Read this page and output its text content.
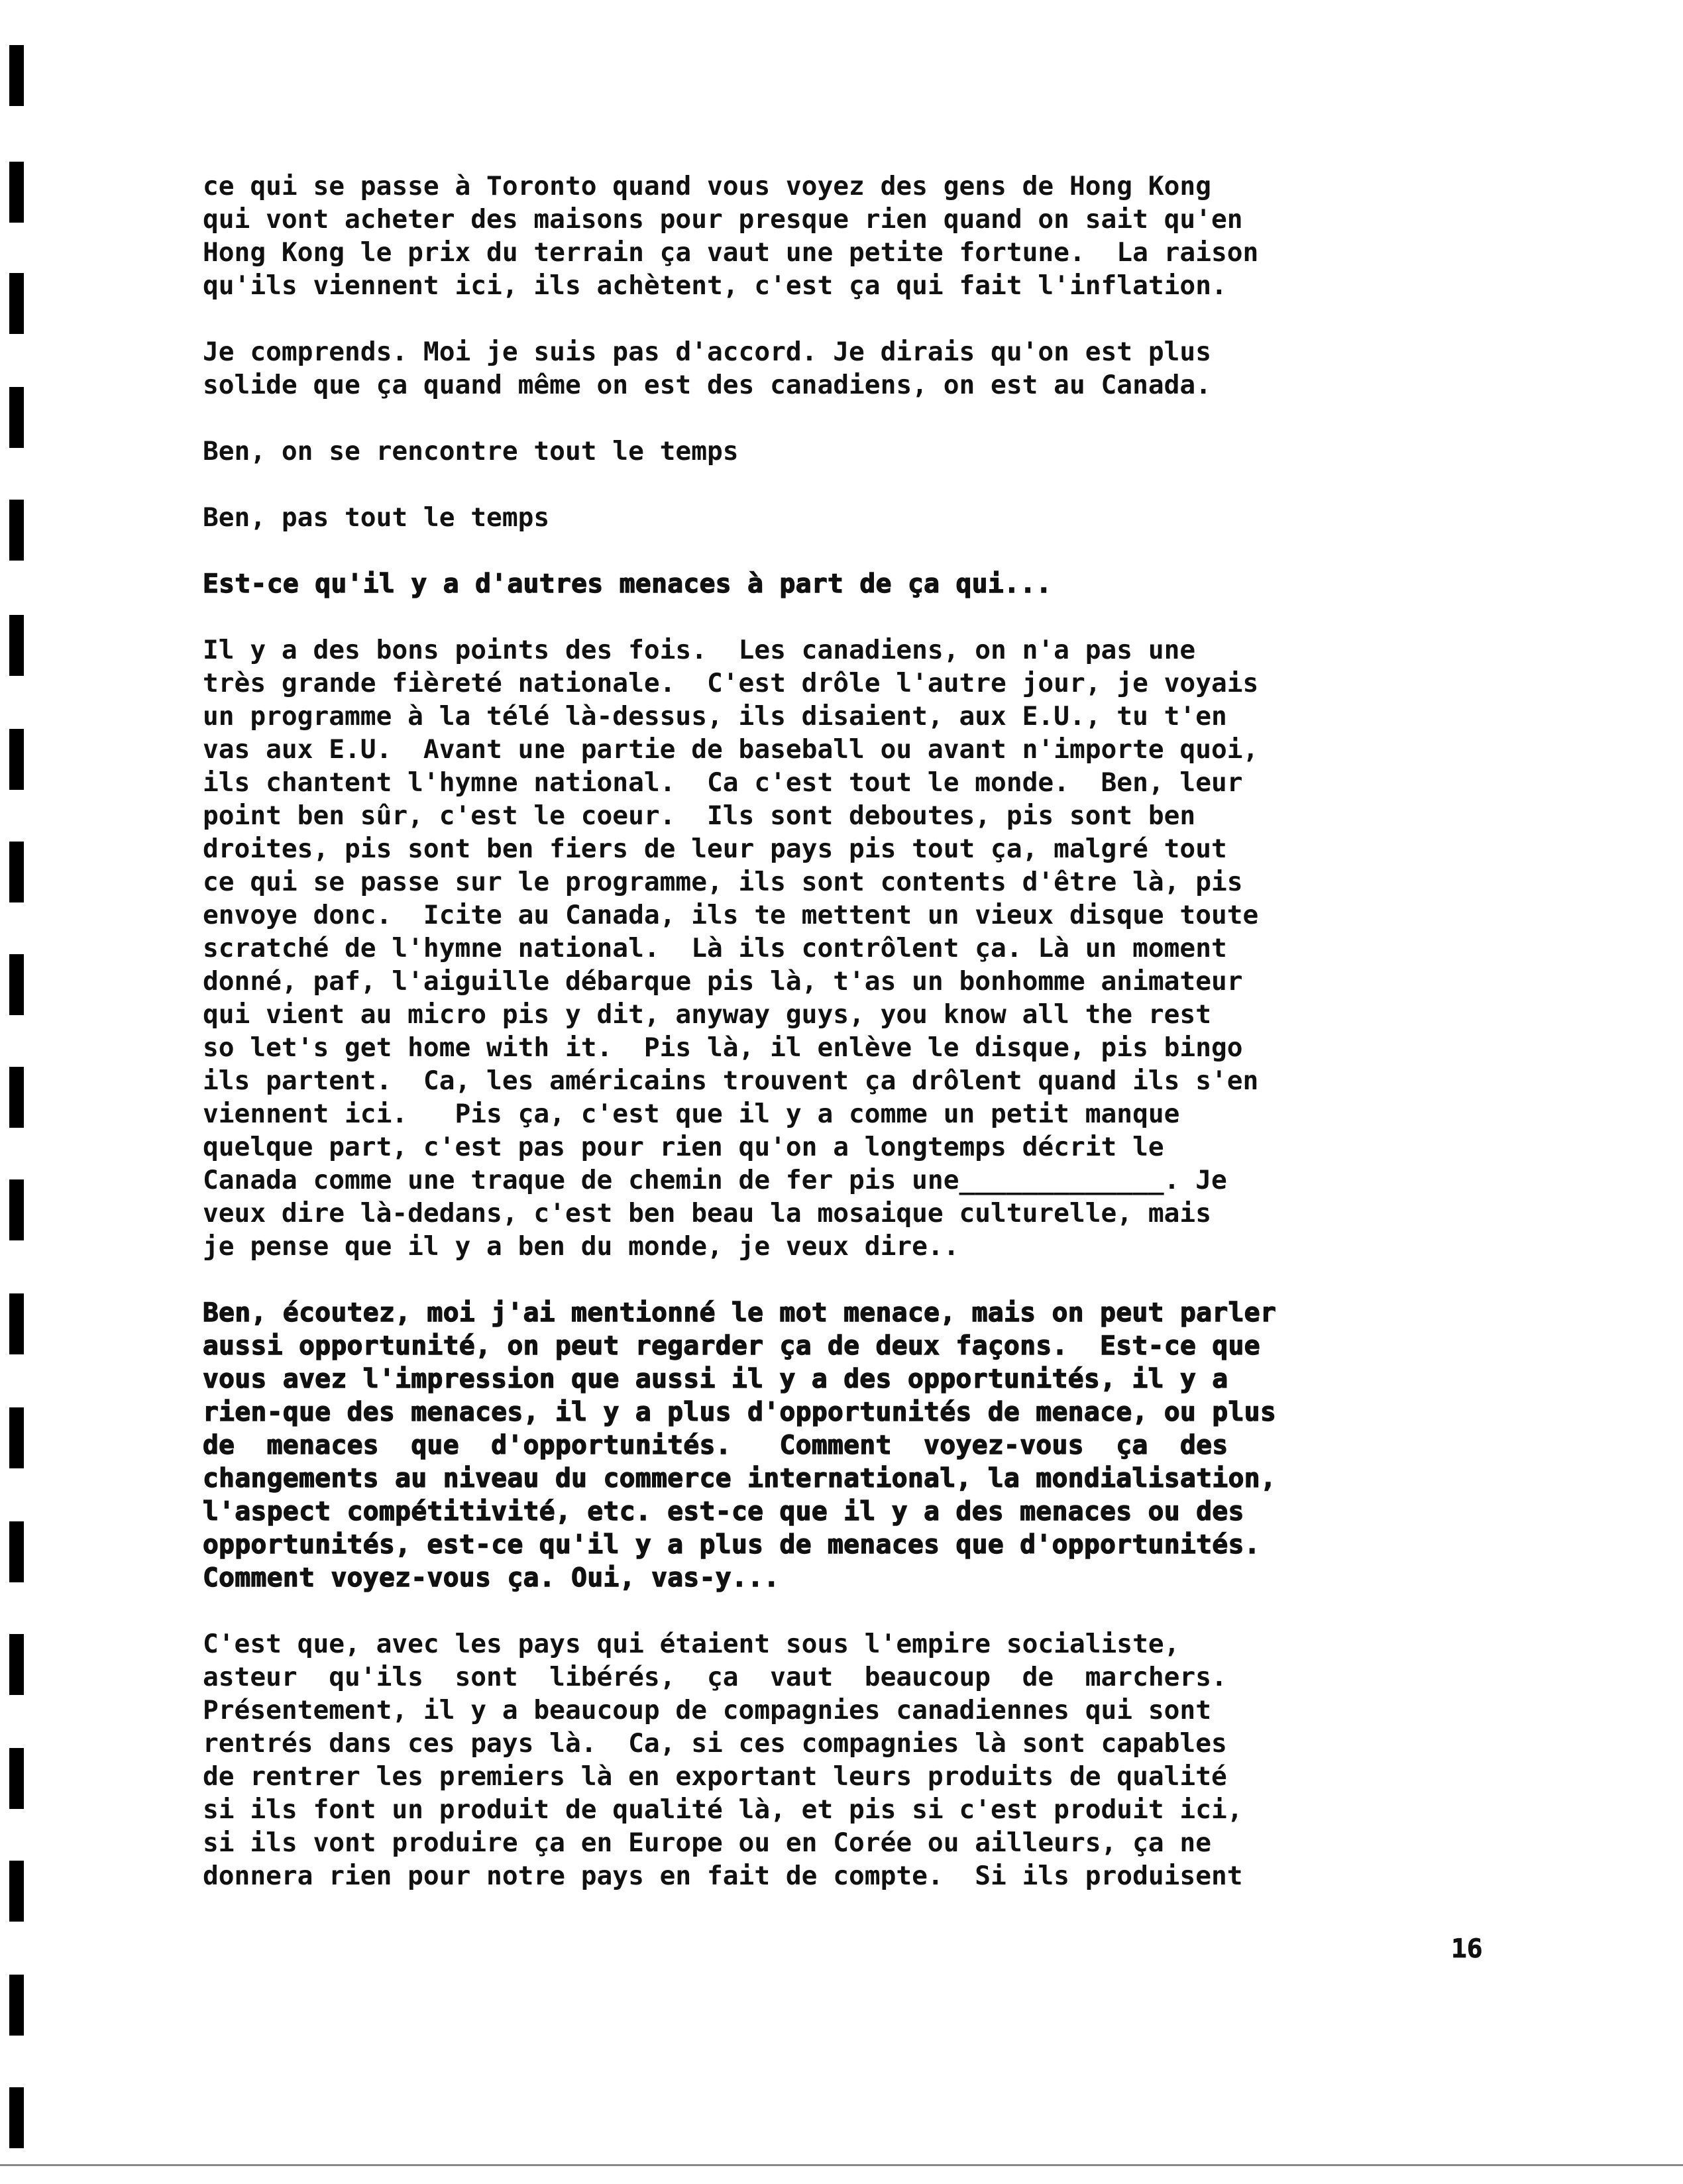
ce qui se passe à Toronto quand vous voyez des gens de Hong Kong
qui vont acheter des maisons pour presque rien quand on sait qu'en
Hong Kong le prix du terrain ça vaut une petite fortune.  La raison
qu'ils viennent ici, ils achètent, c'est ça qui fait l'inflation.
Je comprends. Moi je suis pas d'accord. Je dirais qu'on est plus
solide que ça quand même on est des canadiens, on est au Canada.
Ben, on se rencontre tout le temps
Ben, pas tout le temps
Est-ce qu'il y a d'autres menaces à part de ça qui...
Il y a des bons points des fois.  Les canadiens, on n'a pas une
très grande fièreté nationale.  C'est drôle l'autre jour, je voyais
un programme à la télé là-dessus, ils disaient, aux E.U., tu t'en
vas aux E.U.  Avant une partie de baseball ou avant n'importe quoi,
ils chantent l'hymne national.  Ca c'est tout le monde.  Ben, leur
point ben sûr, c'est le coeur.  Ils sont deboutes, pis sont ben
droites, pis sont ben fiers de leur pays pis tout ça, malgré tout
ce qui se passe sur le programme, ils sont contents d'être là, pis
envoye donc.  Icite au Canada, ils te mettent un vieux disque toute
scratché de l'hymne national.  Là ils contrôlent ça. Là un moment
donné, paf, l'aiguille débarque pis là, t'as un bonhomme animateur
qui vient au micro pis y dit, anyway guys, you know all the rest
so let's get home with it.  Pis là, il enlève le disque, pis bingo
ils partent.  Ca, les américains trouvent ça drôlent quand ils s'en
viennent ici.   Pis ça, c'est que il y a comme un petit manque
quelque part, c'est pas pour rien qu'on a longtemps décrit le
Canada comme une traque de chemin de fer pis une_____________. Je
veux dire là-dedans, c'est ben beau la mosaique culturelle, mais
je pense que il y a ben du monde, je veux dire..
Ben, écoutez, moi j'ai mentionné le mot menace, mais on peut parler
aussi opportunité, on peut regarder ça de deux façons.  Est-ce que
vous avez l'impression que aussi il y a des opportunités, il y a
rien-que des menaces, il y a plus d'opportunités de menace, ou plus
de  menaces  que  d'opportunités.   Comment  voyez-vous  ça  des
changements au niveau du commerce international, la mondialisation,
l'aspect compétitivité, etc. est-ce que il y a des menaces ou des
opportunités, est-ce qu'il y a plus de menaces que d'opportunités.
Comment voyez-vous ça. Oui, vas-y...
C'est que, avec les pays qui étaient sous l'empire socialiste,
asteur  qu'ils  sont  libérés,  ça  vaut  beaucoup  de  marchers.
Présentement, il y a beaucoup de compagnies canadiennes qui sont
rentrés dans ces pays là.  Ca, si ces compagnies là sont capables
de rentrer les premiers là en exportant leurs produits de qualité
si ils font un produit de qualité là, et pis si c'est produit ici,
si ils vont produire ça en Europe ou en Corée ou ailleurs, ça ne
donnera rien pour notre pays en fait de compte.  Si ils produisent
16
